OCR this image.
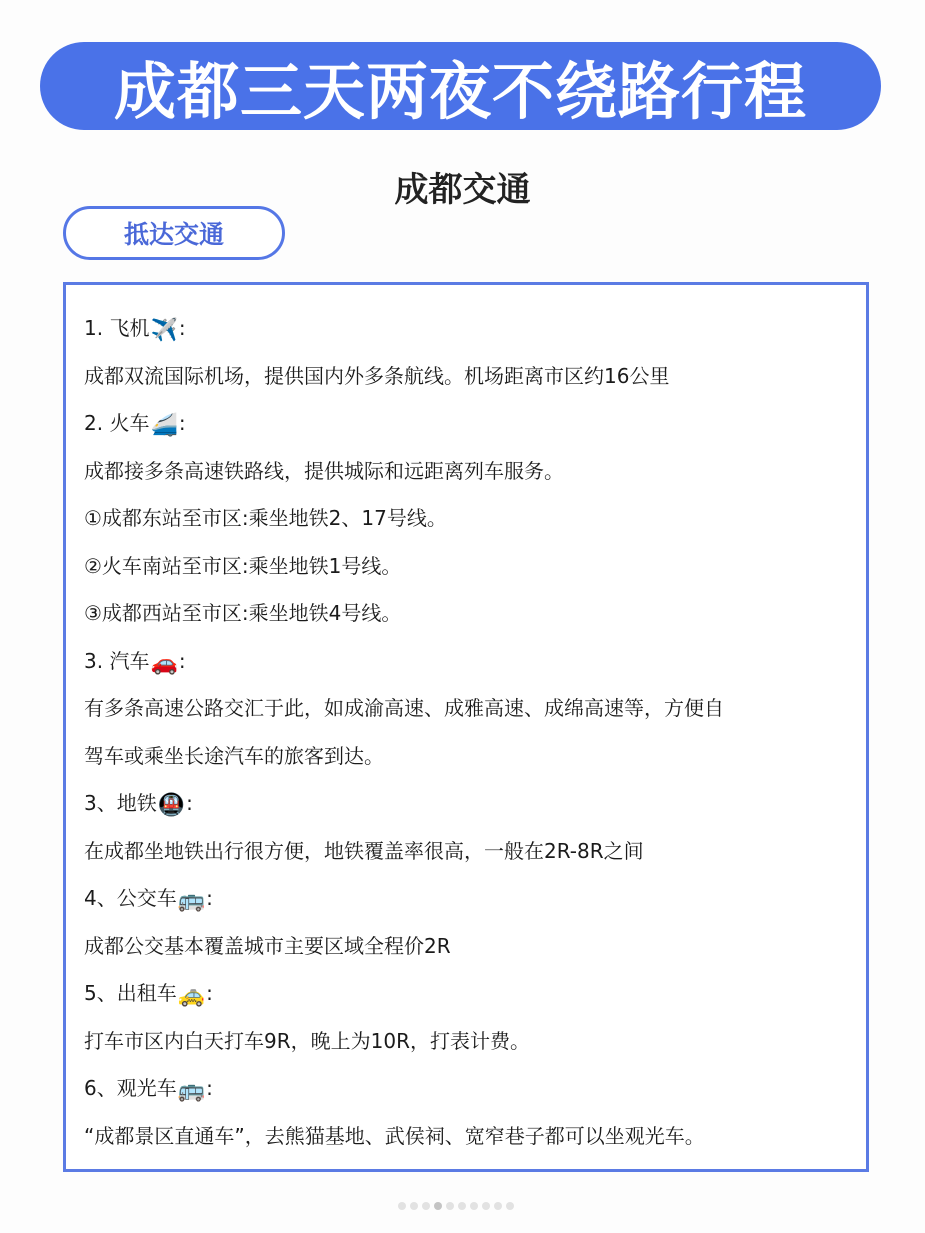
成都三天两夜不绕路行程
成都交通
抵达交通
1. 飞机✈️:
成都双流国际机场，提供国内外多条航线。机场距离市区约16公里
2. 火车🚄:
成都接多条高速铁路线，提供城际和远距离列车服务。
①成都东站至市区:乘坐地铁2、17号线。
②火车南站至市区:乘坐地铁1号线。
③成都西站至市区:乘坐地铁4号线。
3. 汽车🚗:
有多条高速公路交汇于此，如成渝高速、成雅高速、成绵高速等，方便自
驾车或乘坐长途汽车的旅客到达。
3、地铁🚇:
在成都坐地铁出行很方便，地铁覆盖率很高，一般在2R-8R之间
4、公交车🚌:
成都公交基本覆盖城市主要区域全程价2R
5、出租车🚕:
打车市区内白天打车9R，晚上为10R，打表计费。
6、观光车🚌:
“成都景区直通车”，去熊猫基地、武侯祠、宽窄巷子都可以坐观光车。
